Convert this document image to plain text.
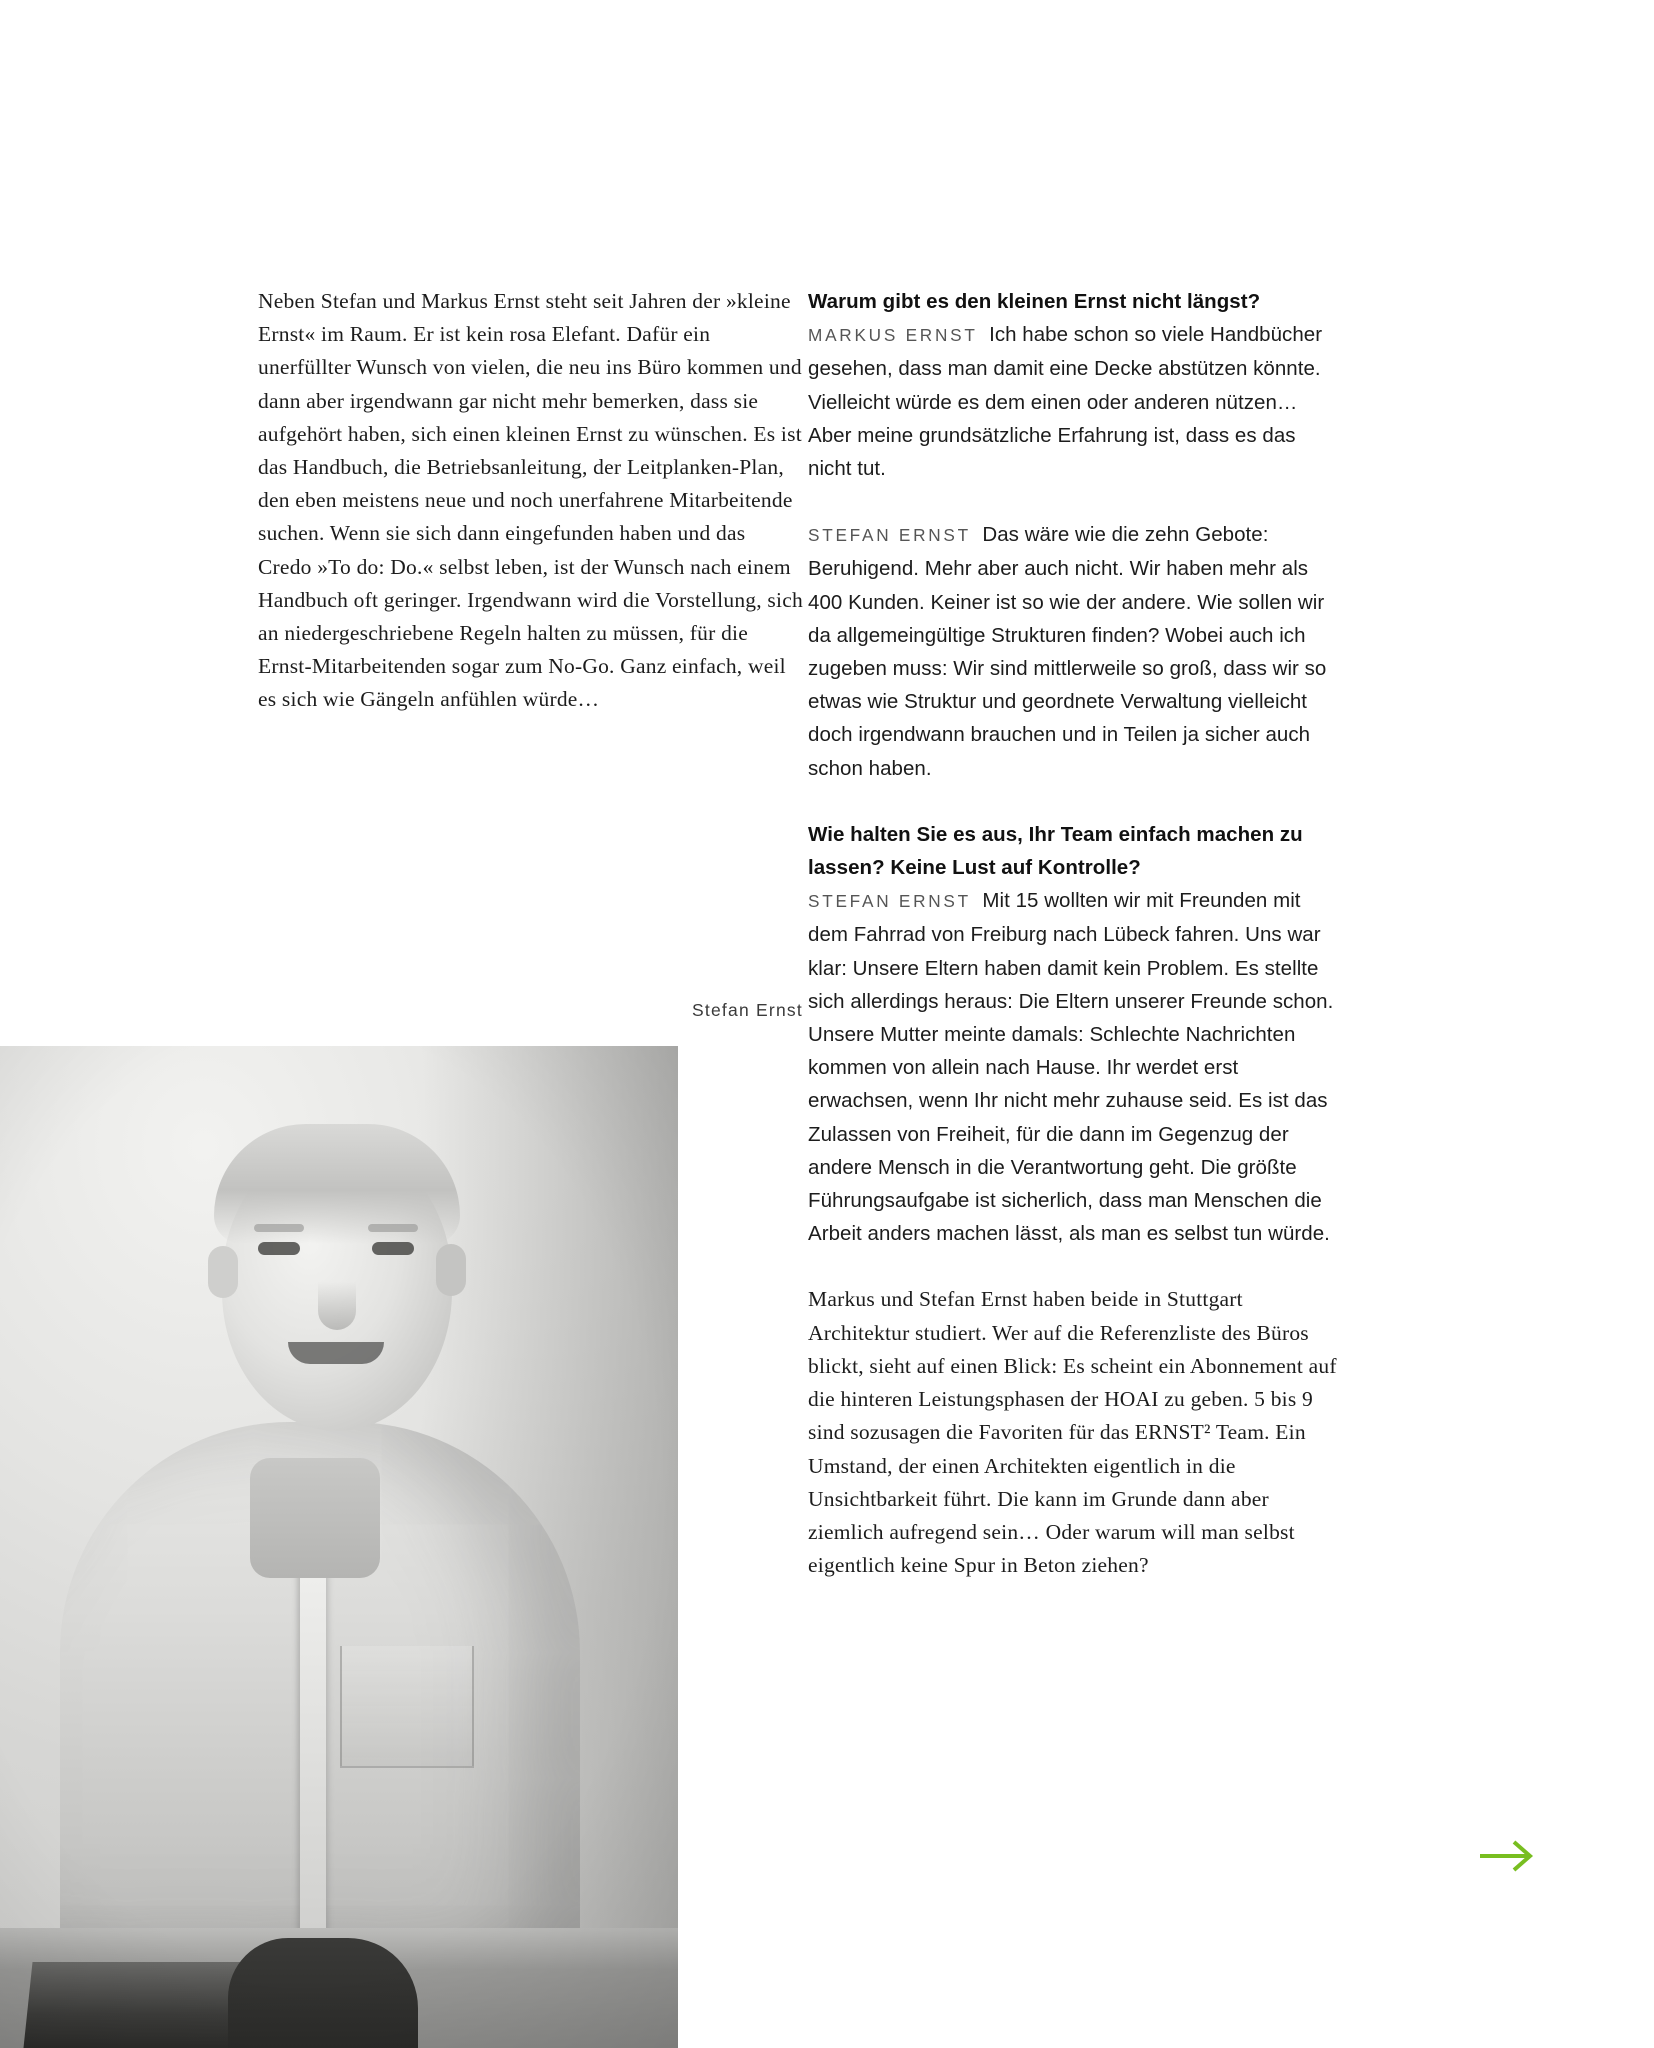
Neben Stefan und Markus Ernst steht seit Jahren der »kleine Ernst« im Raum. Er ist kein rosa Elefant. Dafür ein unerfüllter Wunsch von vielen, die neu ins Büro kommen und dann aber irgendwann gar nicht mehr bemerken, dass sie aufgehört haben, sich einen kleinen Ernst zu wünschen. Es ist das Handbuch, die Betriebsanleitung, der Leitplanken-Plan, den eben meistens neue und noch unerfahrene Mitarbeitende suchen. Wenn sie sich dann eingefunden haben und das Credo »To do: Do.« selbst leben, ist der Wunsch nach einem Handbuch oft geringer. Irgendwann wird die Vorstellung, sich an niedergeschriebene Regeln halten zu müssen, für die Ernst-Mitarbeitenden sogar zum No-Go. Ganz einfach, weil es sich wie Gängeln anfühlen würde…

Stefan Ernst

Warum gibt es den kleinen Ernst nicht längst?

MARKUS ERNST Ich habe schon so viele Handbücher gesehen, dass man damit eine Decke abstützen könnte. Vielleicht würde es dem einen oder anderen nützen… Aber meine grundsätzliche Erfahrung ist, dass es das nicht tut.

STEFAN ERNST Das wäre wie die zehn Gebote: Beruhigend. Mehr aber auch nicht. Wir haben mehr als 400 Kunden. Keiner ist so wie der andere. Wie sollen wir da allgemeingültige Strukturen finden? Wobei auch ich zugeben muss: Wir sind mittlerweile so groß, dass wir so etwas wie Struktur und geordnete Verwaltung vielleicht doch irgendwann brauchen und in Teilen ja sicher auch schon haben.

Wie halten Sie es aus, Ihr Team einfach machen zu lassen? Keine Lust auf Kontrolle?

STEFAN ERNST Mit 15 wollten wir mit Freunden mit dem Fahrrad von Freiburg nach Lübeck fahren. Uns war klar: Unsere Eltern haben damit kein Problem. Es stellte sich allerdings heraus: Die Eltern unserer Freunde schon. Unsere Mutter meinte damals: Schlechte Nachrichten kommen von allein nach Hause. Ihr werdet erst erwachsen, wenn Ihr nicht mehr zuhause seid. Es ist das Zulassen von Freiheit, für die dann im Gegenzug der andere Mensch in die Verantwortung geht. Die größte Führungsaufgabe ist sicherlich, dass man Menschen die Arbeit anders machen lässt, als man es selbst tun würde.

Markus und Stefan Ernst haben beide in Stuttgart Architektur studiert. Wer auf die Referenzliste des Büros blickt, sieht auf einen Blick: Es scheint ein Abonnement auf die hinteren Leistungsphasen der HOAI zu geben. 5 bis 9 sind sozusagen die Favoriten für das ERNST² Team. Ein Umstand, der einen Architekten eigentlich in die Unsichtbarkeit führt. Die kann im Grunde dann aber ziemlich aufregend sein… Oder warum will man selbst eigentlich keine Spur in Beton ziehen?
